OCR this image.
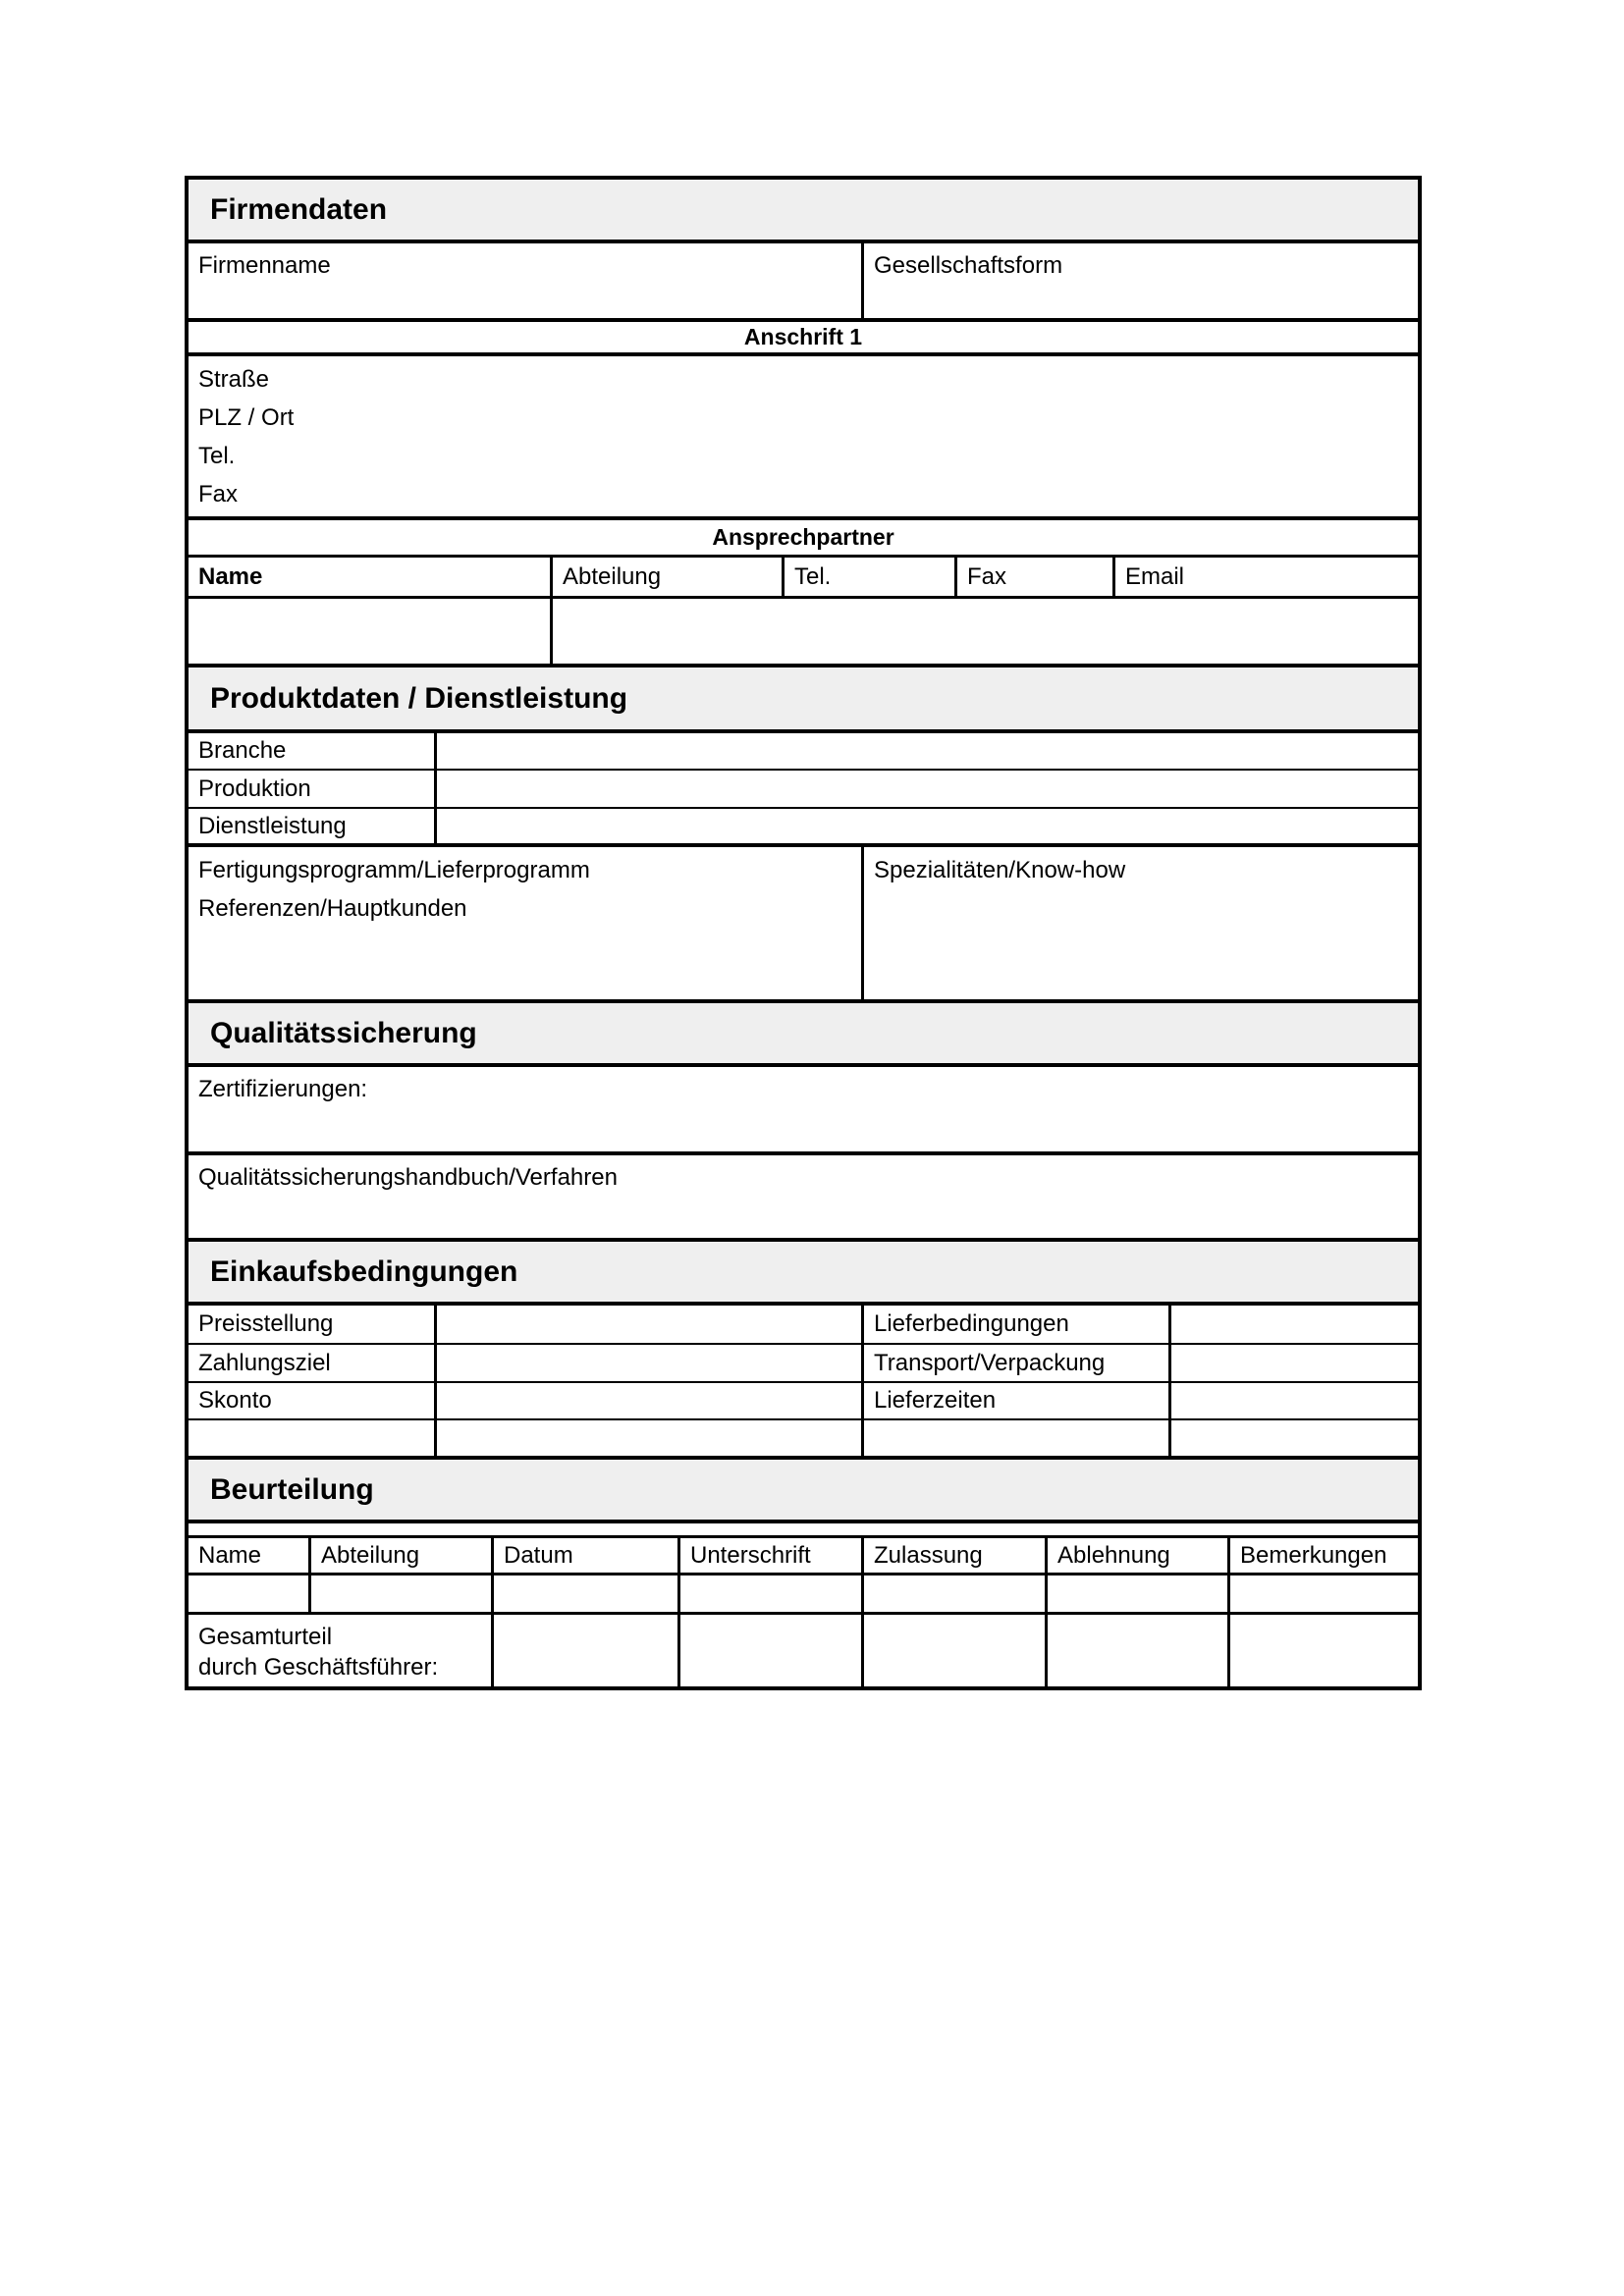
Firmendaten
Firmenname	Gesellschaftsform
Anschrift 1
Straße
PLZ / Ort
Tel.
Fax
Ansprechpartner
Name	Abteilung	Tel.	Fax	Email
Produktdaten / Dienstleistung
Branche
Produktion
Dienstleistung
Fertigungsprogramm/Lieferprogramm
Referenzen/Hauptkunden
Spezialitäten/Know-how
Qualitätssicherung
Zertifizierungen:
Qualitätssicherungshandbuch/Verfahren
Einkaufsbedingungen
Preisstellung	Lieferbedingungen
Zahlungsziel	Transport/Verpackung
Skonto	Lieferzeiten
Beurteilung
Name	Abteilung	Datum	Unterschrift	Zulassung	Ablehnung	Bemerkungen
Gesamturteil
durch Geschäftsführer:
